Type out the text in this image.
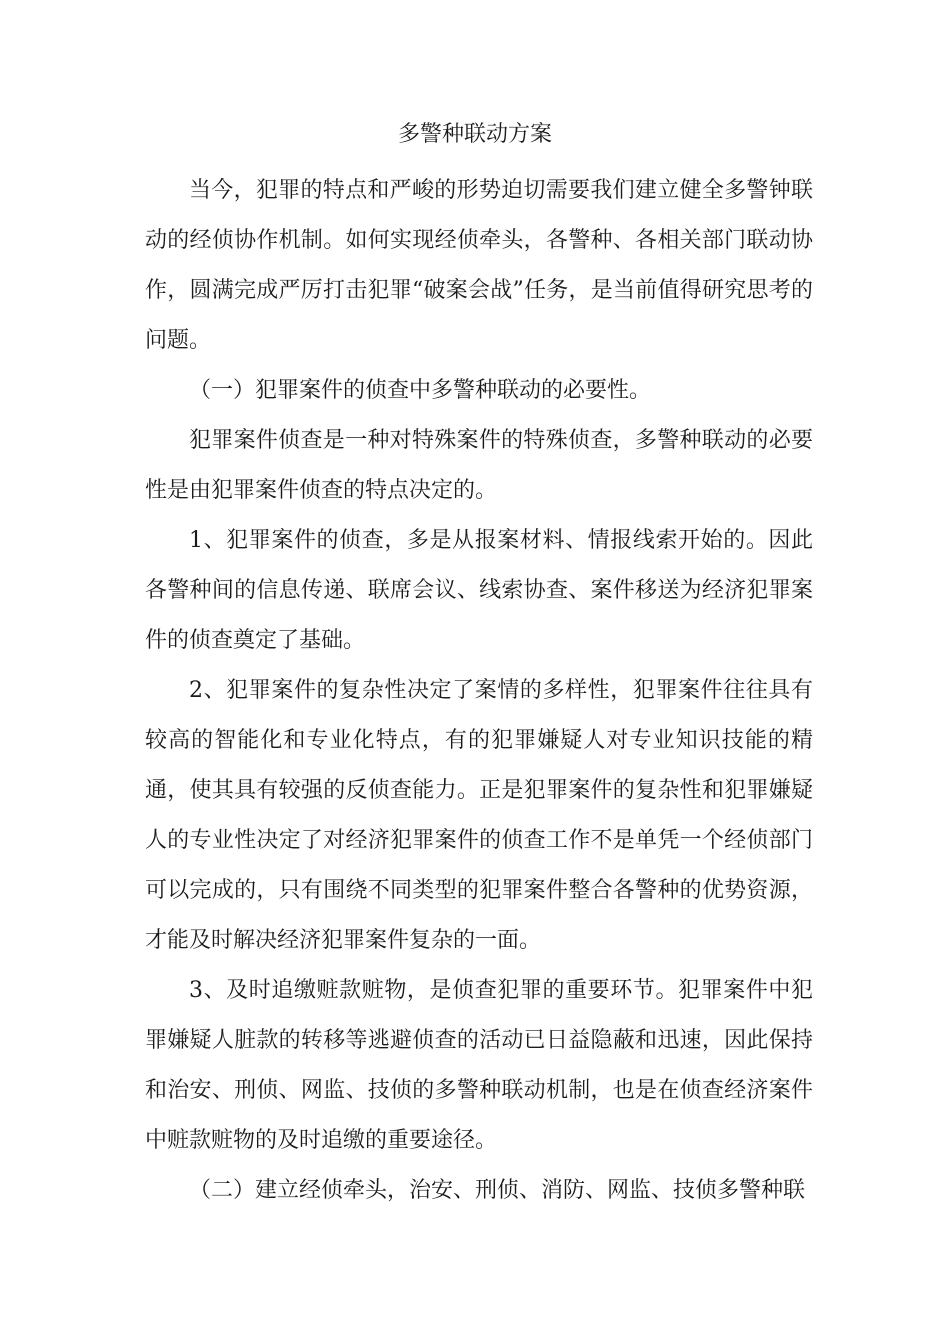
多警种联动方案

当今，犯罪的特点和严峻的形势迫切需要我们建立健全多警钟联动的经侦协作机制。如何实现经侦牵头，各警种、各相关部门联动协作，圆满完成严厉打击犯罪“破案会战”任务，是当前值得研究思考的问题。

（一）犯罪案件的侦查中多警种联动的必要性。

犯罪案件侦查是一种对特殊案件的特殊侦查，多警种联动的必要性是由犯罪案件侦查的特点决定的。

1、犯罪案件的侦查，多是从报案材料、情报线索开始的。因此各警种间的信息传递、联席会议、线索协查、案件移送为经济犯罪案件的侦查奠定了基础。

2、犯罪案件的复杂性决定了案情的多样性，犯罪案件往往具有较高的智能化和专业化特点，有的犯罪嫌疑人对专业知识技能的精通，使其具有较强的反侦查能力。正是犯罪案件的复杂性和犯罪嫌疑人的专业性决定了对经济犯罪案件的侦查工作不是单凭一个经侦部门可以完成的，只有围绕不同类型的犯罪案件整合各警种的优势资源，才能及时解决经济犯罪案件复杂的一面。

3、及时追缴赃款赃物，是侦查犯罪的重要环节。犯罪案件中犯罪嫌疑人脏款的转移等逃避侦查的活动已日益隐蔽和迅速，因此保持和治安、刑侦、网监、技侦的多警种联动机制，也是在侦查经济案件中赃款赃物的及时追缴的重要途径。

（二）建立经侦牵头，治安、刑侦、消防、网监、技侦多警种联
